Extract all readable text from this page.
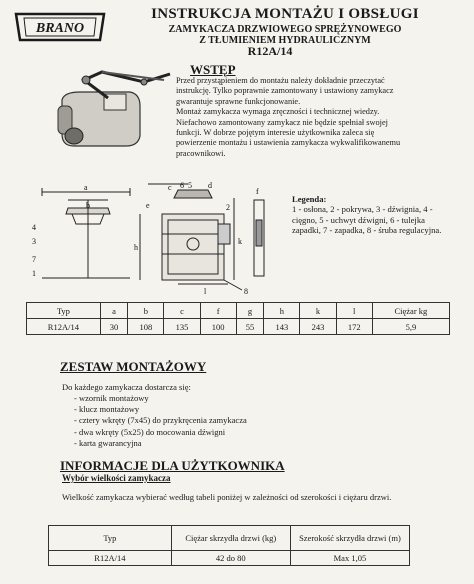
BRANO
INSTRUKCJA MONTAŻU I OBSŁUGI
ZAMYKACZA DRZWIOWEGO SPRĘŻYNOWEGO
Z TŁUMIENIEM HYDRAULICZNYM
R12A/14
WSTĘP

Przed przystąpieniem do montażu należy dokładnie przeczytać instrukcję. Tylko poprawnie zamontowany i ustawiony zamykacz gwarantuje sprawne funkcjonowanie.

Montaż zamykacza wymaga zręczności i technicznej wiedzy. Niefachowo zamontowany zamykacz nie będzie spełniał swojej funkcji. W dobrze pojętym interesie użytkownika zaleca się powierzenie montażu i ustawienia zamykacza wykwalifikowanemu pracownikowi.

a
b
4
3
7
1
c
e
5
6	d
2
h
k
l	8
f
Legenda:
1 - osłona, 2 - pokrywa, 3 - dźwignia, 4 - cięgno, 5 - uchwyt dźwigni, 6 - tulejka zapadki, 7 - zapadka, 8 - śruba regulacyjna.
Typ	a	b	c	f	g	h	k	l	Ciężar kg
R12A/14	30	108	135	100	55	143	243	172	5,9
ZESTAW MONTAŻOWY
Do każdego zamykacza dostarcza się:
- wzornik montażowy
- klucz montażowy
- cztery wkręty (7x45) do przykręcenia zamykacza
- dwa wkręty (5x25) do mocowania dźwigni
- karta gwarancyjna
INFORMACJE DLA UŻYTKOWNIKA
Wybór wielkości zamykacza
Wielkość zamykacza wybierać według tabeli poniżej w zależności od szerokości i ciężaru drzwi.
Typ	Ciężar skrzydła drzwi (kg)	Szerokość skrzydła drzwi (m)
R12A/14	42 do 80	Max 1,05
